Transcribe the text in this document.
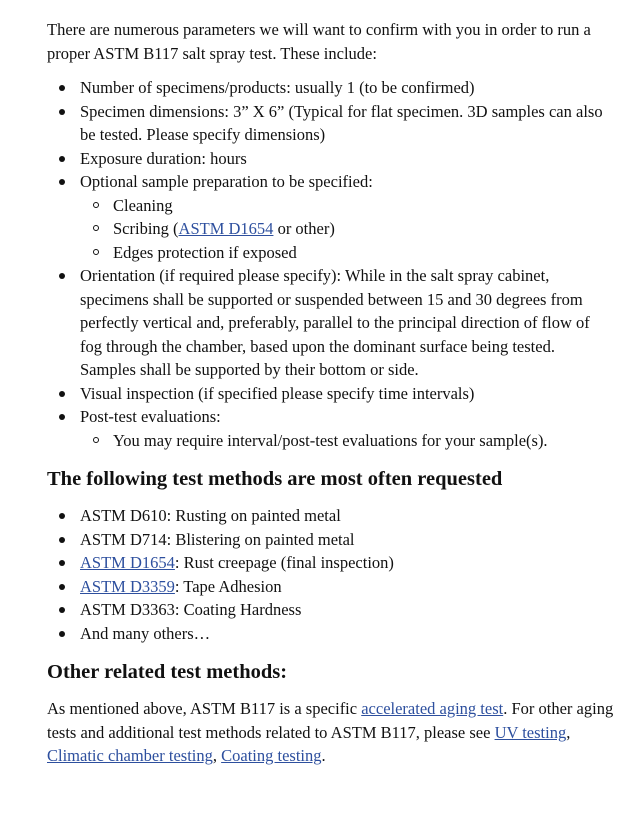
There are numerous parameters we will want to confirm with you in order to run a proper ASTM B117 salt spray test. These include:

Number of specimens/products: usually 1 (to be confirmed)
Specimen dimensions: 3” X 6” (Typical for flat specimen. 3D samples can also be tested. Please specify dimensions)
Exposure duration: hours
Optional sample preparation to be specified:
Cleaning
Scribing (ASTM D1654 or other)
Edges protection if exposed
Orientation (if required please specify): While in the salt spray cabinet, specimens shall be supported or suspended between 15 and 30 degrees from perfectly vertical and, preferably, parallel to the principal direction of flow of fog through the chamber, based upon the dominant surface being tested. Samples shall be supported by their bottom or side.
Visual inspection (if specified please specify time intervals)
Post-test evaluations:
You may require interval/post-test evaluations for your sample(s).
The following test methods are most often requested
ASTM D610: Rusting on painted metal
ASTM D714: Blistering on painted metal
ASTM D1654: Rust creepage (final inspection)
ASTM D3359: Tape Adhesion
ASTM D3363: Coating Hardness
And many others…
Other related test methods:

As mentioned above, ASTM B117 is a specific accelerated aging test. For other aging tests and additional test methods related to ASTM B117, please see UV testing, Climatic chamber testing, Coating testing.
